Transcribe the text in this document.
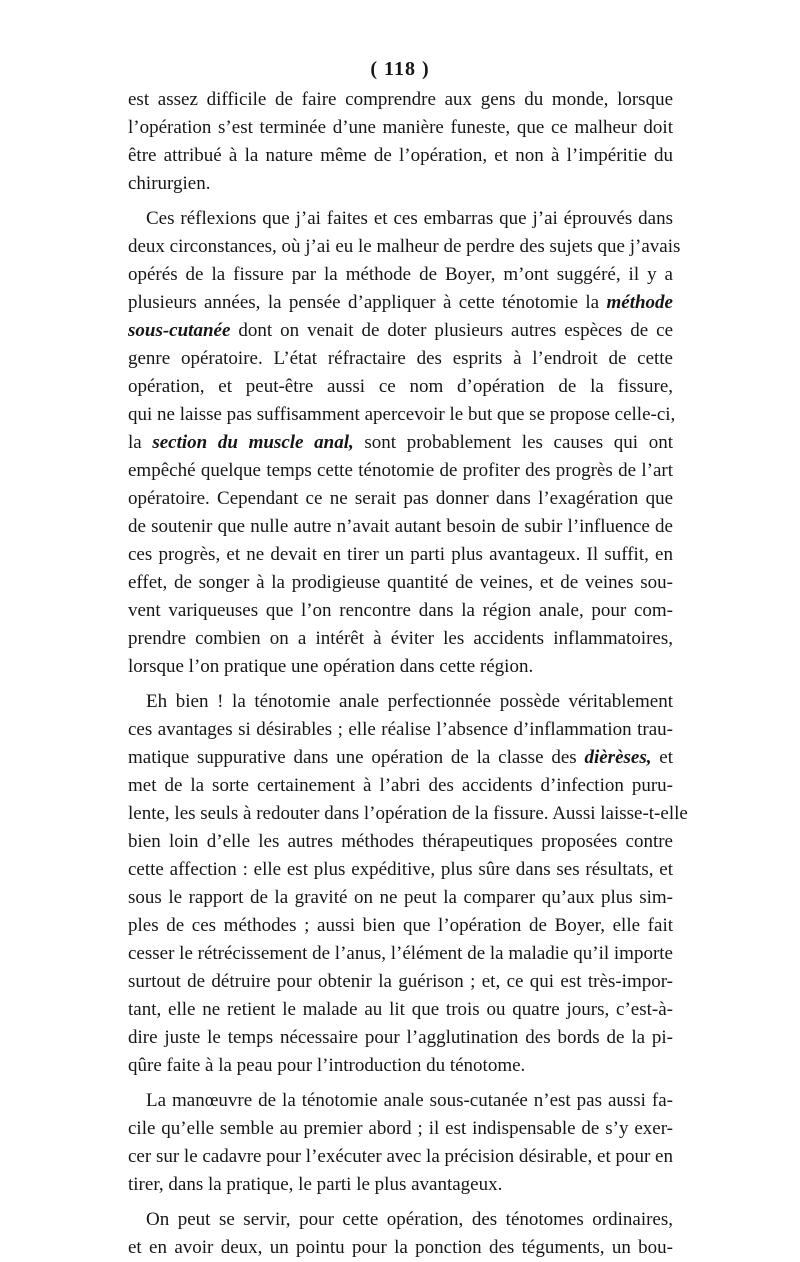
( 118 )
est assez difficile de faire comprendre aux gens du monde, lorsque
l’opération s’est terminée d’une manière funeste, que ce malheur doit
être attribué à la nature même de l’opération, et non à l’impéritie du
chirurgien.
Ces réflexions que j’ai faites et ces embarras que j’ai éprouvés dans
deux circonstances, où j’ai eu le malheur de perdre des sujets que j’avais
opérés de la fissure par la méthode de Boyer, m’ont suggéré, il y a
plusieurs années, la pensée d’appliquer à cette ténotomie la méthode
sous-cutanée dont on venait de doter plusieurs autres espèces de ce
genre opératoire. L’état réfractaire des esprits à l’endroit de cette
opération, et peut-être aussi ce nom d’opération de la fissure,
qui ne laisse pas suffisamment apercevoir le but que se propose celle-ci,
la section du muscle anal, sont probablement les causes qui ont
empêché quelque temps cette ténotomie de profiter des progrès de l’art
opératoire. Cependant ce ne serait pas donner dans l’exagération que
de soutenir que nulle autre n’avait autant besoin de subir l’influence de
ces progrès, et ne devait en tirer un parti plus avantageux. Il suffit, en
effet, de songer à la prodigieuse quantité de veines, et de veines sou-
vent variqueuses que l’on rencontre dans la région anale, pour com-
prendre combien on a intérêt à éviter les accidents inflammatoires,
lorsque l’on pratique une opération dans cette région.
Eh bien ! la ténotomie anale perfectionnée possède véritablement
ces avantages si désirables ; elle réalise l’absence d’inflammation trau-
matique suppurative dans une opération de la classe des dièrèses, et
met de la sorte certainement à l’abri des accidents d’infection puru-
lente, les seuls à redouter dans l’opération de la fissure. Aussi laisse-t-elle
bien loin d’elle les autres méthodes thérapeutiques proposées contre
cette affection : elle est plus expéditive, plus sûre dans ses résultats, et
sous le rapport de la gravité on ne peut la comparer qu’aux plus sim-
ples de ces méthodes ; aussi bien que l’opération de Boyer, elle fait
cesser le rétrécissement de l’anus, l’élément de la maladie qu’il importe
surtout de détruire pour obtenir la guérison ; et, ce qui est très-impor-
tant, elle ne retient le malade au lit que trois ou quatre jours, c’est-à-
dire juste le temps nécessaire pour l’agglutination des bords de la pi-
qûre faite à la peau pour l’introduction du ténotome.
La manœuvre de la ténotomie anale sous-cutanée n’est pas aussi fa-
cile qu’elle semble au premier abord ; il est indispensable de s’y exer-
cer sur le cadavre pour l’exécuter avec la précision désirable, et pour en
tirer, dans la pratique, le parti le plus avantageux.
On peut se servir, pour cette opération, des ténotomes ordinaires,
et en avoir deux, un pointu pour la ponction des téguments, un bou-
